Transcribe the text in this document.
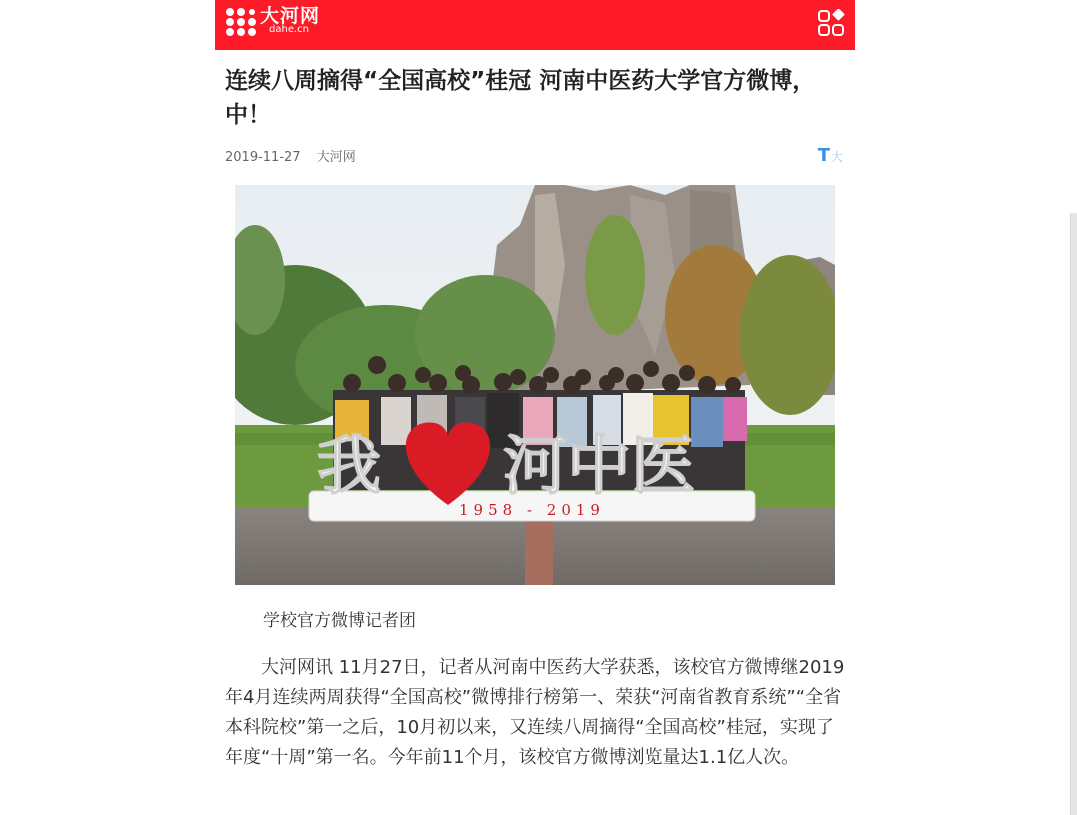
大河网
dahe.cn
连续八周摘得“全国高校”桂冠 河南中医药大学官方微博，中！
2019-11-27 大河网	T大
1958 - 2019
我 河中医
学校官方微博记者团

大河网讯 11月27日，记者从河南中医药大学获悉，该校官方微博继2019年4月连续两周获得“全国高校”微博排行榜第一、荣获“河南省教育系统”“全省本科院校”第一之后，10月初以来，又连续八周摘得“全国高校”桂冠，实现了年度“十周”第一名。今年前11个月，该校官方微博浏览量达1.1亿人次。
